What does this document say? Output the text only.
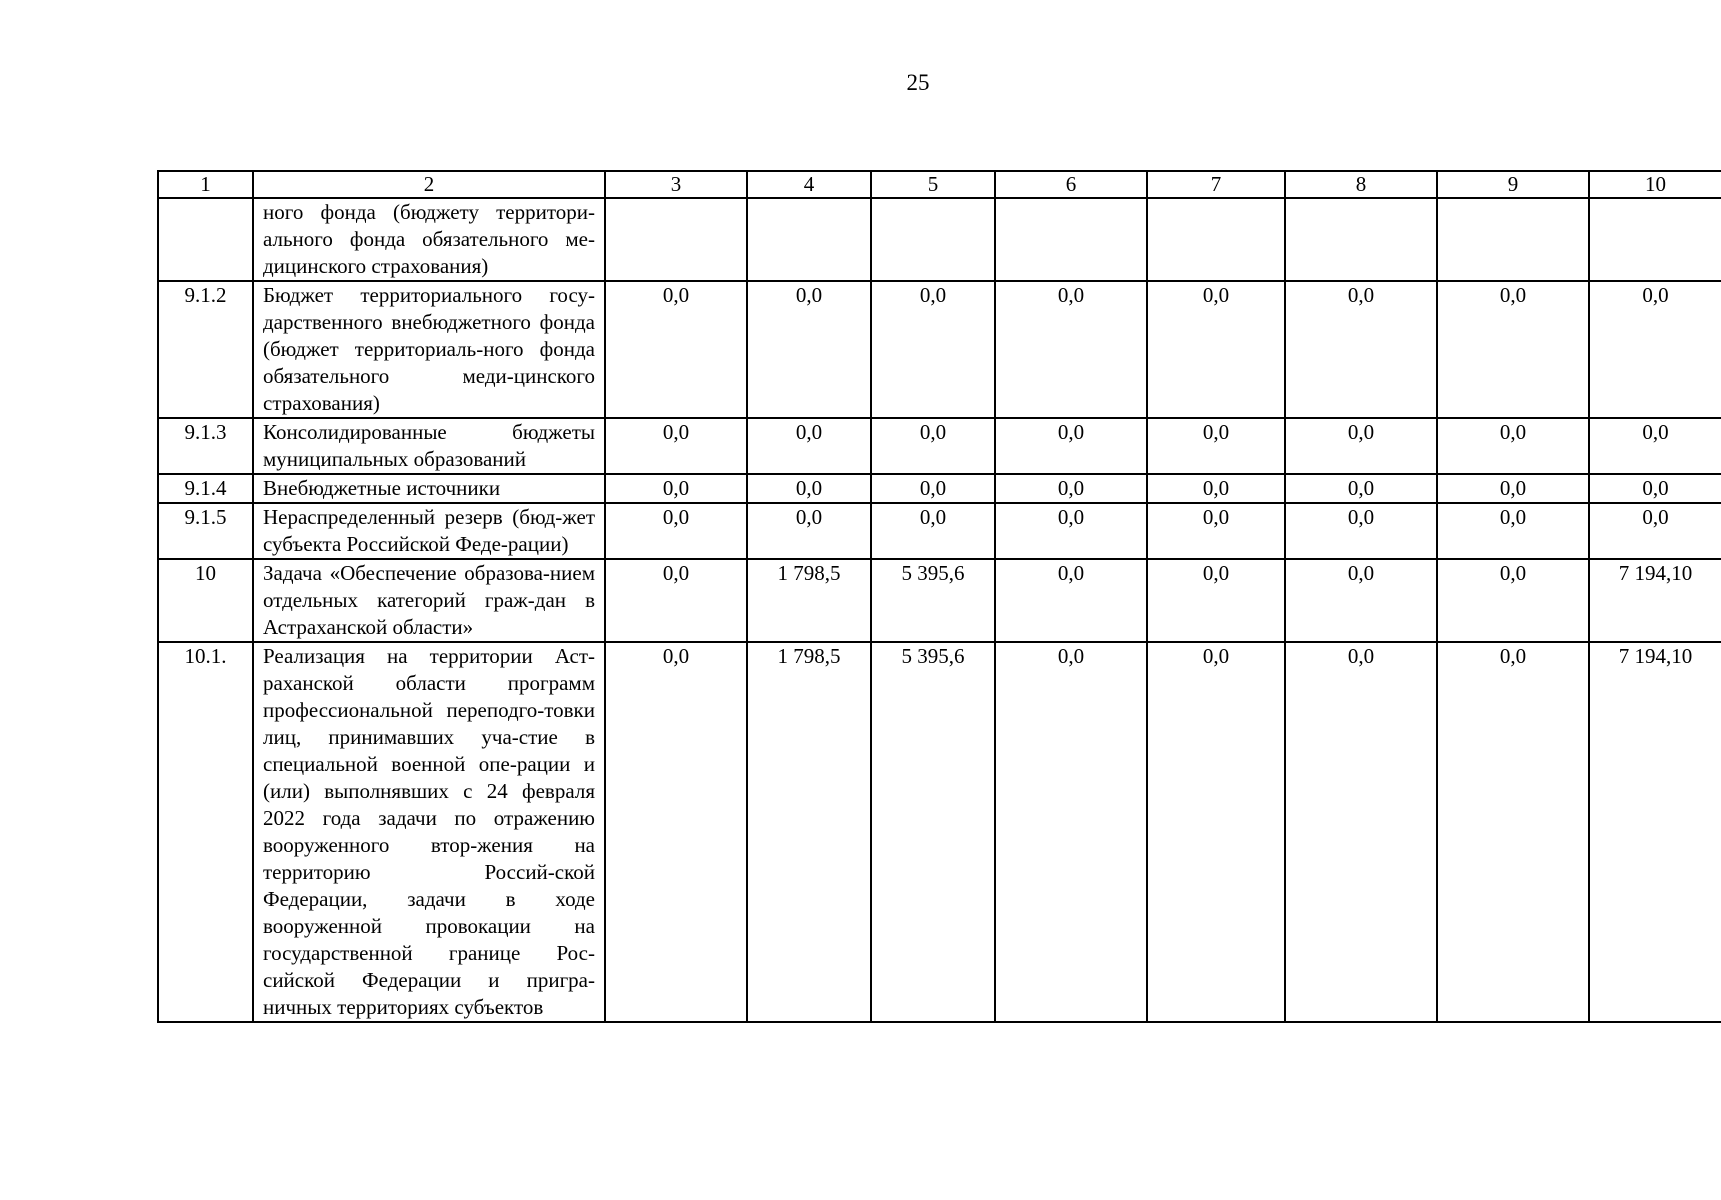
25
1	2	3	4	5	6	7	8	9	10
	ного фонда (бюджету территори-ального фонда обязательного ме-дицинского страхования)								
9.1.2	Бюджет территориального госу-дарственного внебюджетного фонда (бюджет территориаль-ного фонда обязательного меди-цинского страхования)	0,0	0,0	0,0	0,0	0,0	0,0	0,0	0,0
9.1.3	Консолидированные бюджеты муниципальных образований	0,0	0,0	0,0	0,0	0,0	0,0	0,0	0,0
9.1.4	Внебюджетные источники	0,0	0,0	0,0	0,0	0,0	0,0	0,0	0,0
9.1.5	Нераспределенный резерв (бюд-жет субъекта Российской Феде-рации)	0,0	0,0	0,0	0,0	0,0	0,0	0,0	0,0
10	Задача «Обеспечение образова-нием отдельных категорий граж-дан в Астраханской области»	0,0	1 798,5	5 395,6	0,0	0,0	0,0	0,0	7 194,10
10.1.	Реализация на территории Аст-раханской области программ профессиональной переподго-товки лиц, принимавших уча-стие в специальной военной опе-рации и (или) выполнявших с 24 февраля 2022 года задачи по отражению вооруженного втор-жения на территорию Россий-ской Федерации, задачи в ходе вооруженной провокации на государственной границе Рос-сийской Федерации и пригра-ничных территориях субъектов	0,0	1 798,5	5 395,6	0,0	0,0	0,0	0,0	7 194,10
